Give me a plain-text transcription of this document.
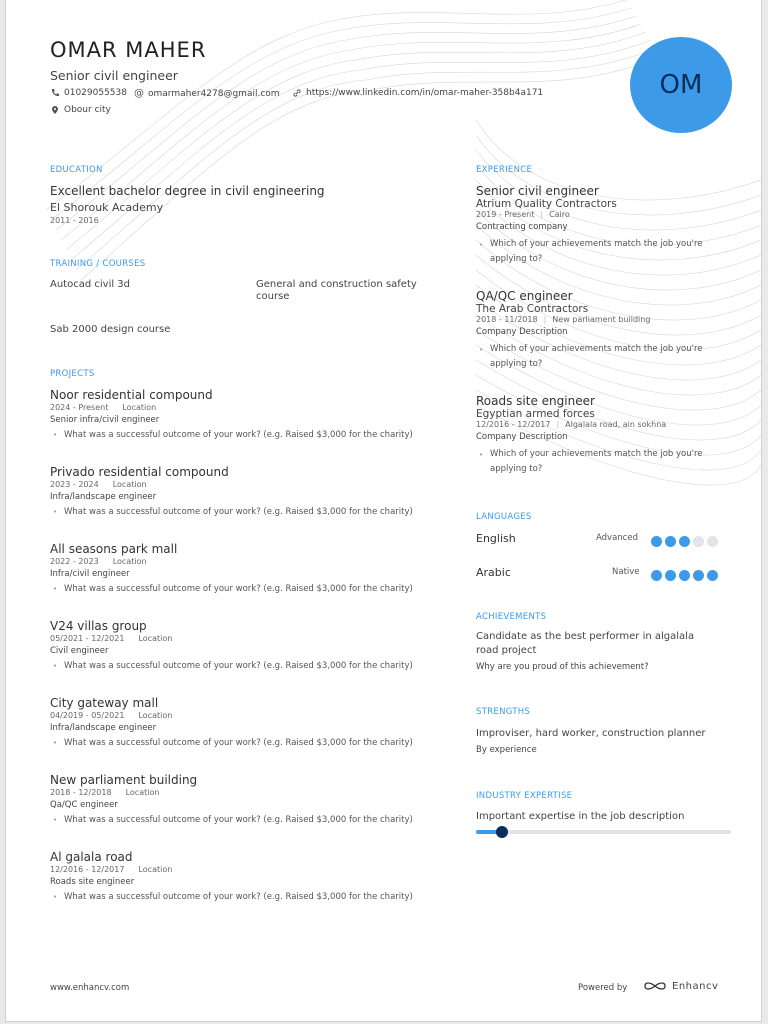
OMAR MAHER
Senior civil engineer
01029055538 @ omarmaher4278@gmail.com	https://www.linkedin.com/in/omar-maher-358b4a171
Obour city
OM
EDUCATION
Excellent bachelor degree in civil engineering
El Shorouk Academy
2011 - 2016
TRAINING / COURSES
Autocad civil 3d	General and construction safety course
Sab 2000 design course
PROJECTS
Noor residential compound
2024 - Present Location
Senior infra/civil engineer
• What was a successful outcome of your work? (e.g. Raised $3,000 for the charity)
Privado residential compound
2023 - 2024 Location
Infra/landscape engineer
• What was a successful outcome of your work? (e.g. Raised $3,000 for the charity)
All seasons park mall
2022 - 2023 Location
Infra/civil engineer
• What was a successful outcome of your work? (e.g. Raised $3,000 for the charity)
V24 villas group
05/2021 - 12/2021 Location
Civil engineer
• What was a successful outcome of your work? (e.g. Raised $3,000 for the charity)
City gateway mall
04/2019 - 05/2021 Location
Infra/landscape engineer
• What was a successful outcome of your work? (e.g. Raised $3,000 for the charity)
New parliament building
2018 - 12/2018 Location
Qa/QC engineer
• What was a successful outcome of your work? (e.g. Raised $3,000 for the charity)
Al galala road
12/2016 - 12/2017 Location
Roads site engineer
• What was a successful outcome of your work? (e.g. Raised $3,000 for the charity)
EXPERIENCE
Senior civil engineer
Atrium Quality Contractors
2019 - Present | Cairo
Contracting company
• Which of your achievements match the job you're
applying to?
QA/QC engineer
The Arab Contractors
2018 - 11/2018 | New parliament building
Company Description
• Which of your achievements match the job you're
applying to?
Roads site engineer
Egyptian armed forces
12/2016 - 12/2017 | Algalala road, ain sokhna
Company Description
• Which of your achievements match the job you're
applying to?
LANGUAGES
English	Advanced
Arabic	Native
ACHIEVEMENTS
Candidate as the best performer in algalala
road project
Why are you proud of this achievement?
STRENGTHS
Improviser, hard worker, construction planner
By experience
INDUSTRY EXPERTISE
Important expertise in the job description
www.enhancv.com	Powered by	Enhancv
